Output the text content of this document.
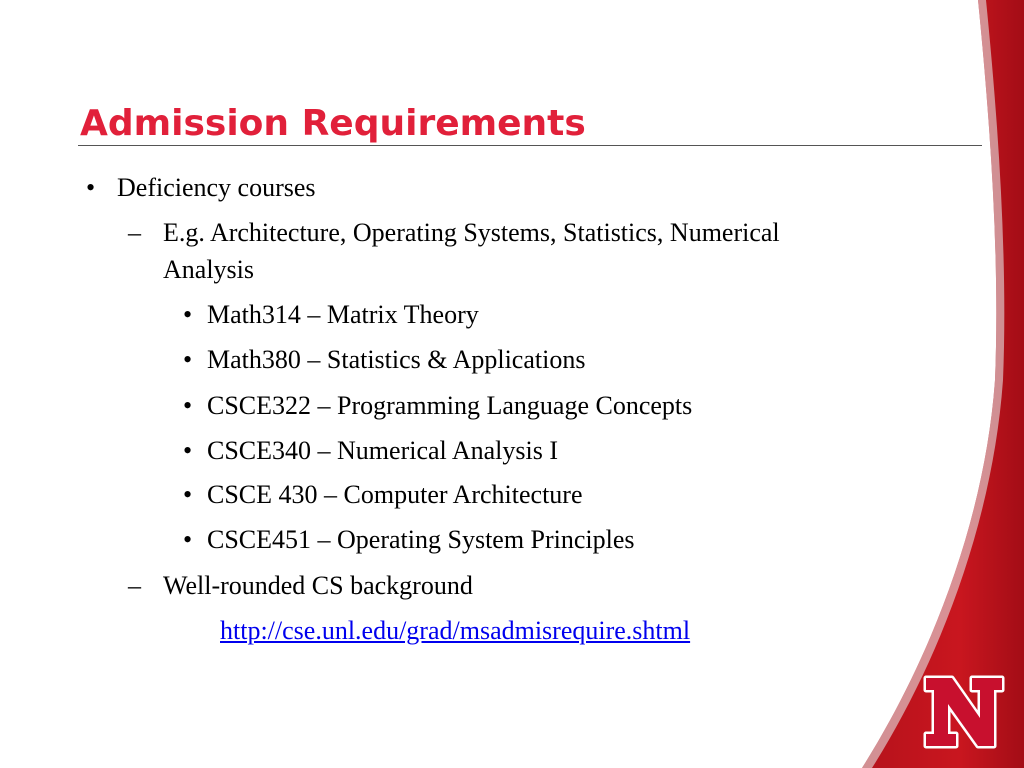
Admission Requirements
• Deficiency courses
– E.g. Architecture, Operating Systems, Statistics, Numerical
Analysis
• Math314 – Matrix Theory
• Math380 – Statistics & Applications
• CSCE322 – Programming Language Concepts
• CSCE340 – Numerical Analysis I
• CSCE 430 – Computer Architecture
• CSCE451 – Operating System Principles
– Well-rounded CS background
http://cse.unl.edu/grad/msadmisrequire.shtml
